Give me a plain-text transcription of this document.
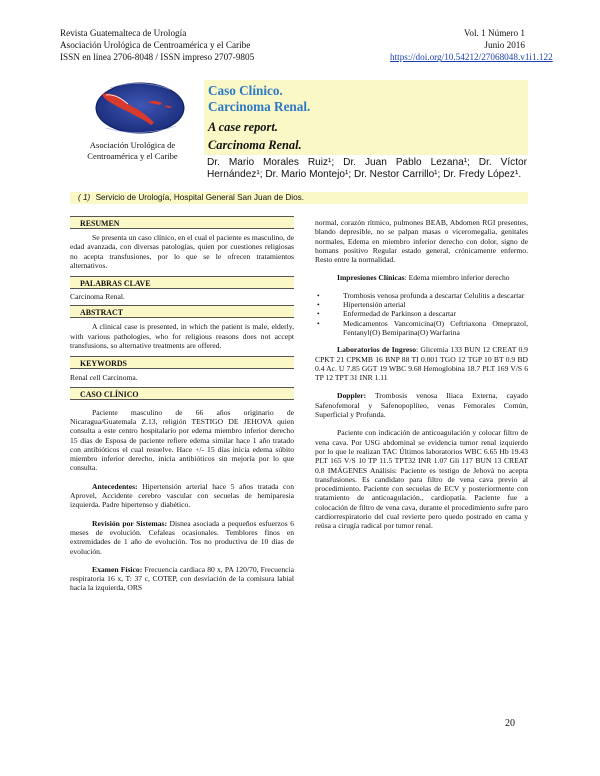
Revista Guatemalteca de Urología
Asociación Urológica de Centroamérica y el Caribe
ISSN en línea 2706-8048 / ISSN impreso 2707-9805
Vol. 1 Número 1
Junio 2016
https://doi.org/10.54212/27068048.v1i1.122
Asociación Urológica de Centroamérica y el Caribe
Caso Clínico.
Carcinoma Renal.
A case report.
Carcinoma Renal.
Dr. Mario Morales Ruiz¹; Dr. Juan Pablo Lezana¹; Dr. Víctor Hernández¹; Dr. Mario Montejo¹; Dr. Nestor Carrillo¹; Dr. Fredy López¹.
( 1) Servicio de Urología, Hospital General San Juan de Dios.
RESUMEN

Se presenta un caso clínico, en el cual el paciente es masculino, de edad avanzada, con diversas patologías, quien por cuestiones religiosas no acepta transfusiones, por lo que se le ofrecen tratamientos alternativos.

PALABRAS CLAVE

Carcinoma Renal.

ABSTRACT

A clinical case is presented, in which the patient is male, elderly, with various pathologies, who for religious reasons does not accept transfusions, so alternative treatments are offered.

KEYWORDS

Renal cell Carcinoma.

CASO CLÍNICO

Paciente masculino de 66 años originario de Nicaragua/Guatemala Z.13, religión TESTIGO DE JEHOVA quien consulta a este centro hospitalario por edema miembro inferior derecho 15 días de Esposa de paciente refiere edema similar hace 1 año tratado con antibióticos el cual resuelve. Hace +/- 15 días inicia edema súbito miembro inferior derecho, inicia antibióticos sin mejoría por lo que consulta.

Antecedentes: Hipertensión arterial hace 5 años tratada con Aprovel, Accidente cerebro vascular con secuelas de hemiparesia izquierda. Padre hipertenso y diabético.

Revisión por Sistemas: Disnea asociada a pequeños esfuerzos 6 meses de evolución. Cefaleas ocasionales. Temblores finos en extremidades de 1 año de evolución. Tos no productiva de 10 días de evolución.

Examen Físico: Frecuencia cardiaca 80 x, PA 120/70, Frecuencia respiratoria 16 x, T: 37 c, COTEP, con desviación de la comisura labial hacia la izquierda, ORS

normal, corazón rítmico, pulmones BEAB, Abdomen RGI presentes, blando depresible, no se palpan masas o viceromegalia, genitales normales, Edema en miembro inferior derecho con dolor, signo de homans positivo Regular estado general, crónicamente enfermo. Resto entre la normalidad.

Impresiones Clínicas: Edema miembro inferior derecho

• Trombosis venosa profunda a descartar Celulitis a descartar
• Hipertensión arterial
• Enfermedad de Parkinson a descartar
• Medicamentos Vancomicina(O) Ceftriaxona Omeprazol, Fentanyl(O) Bemiparina(O) Warfarina

Laboratorios de Ingreso: Glicemia 133 BUN 12 CREAT 0.9 CPKT 21 CPKMB 16 BNP 88 TI 0.001 TGO 12 TGP 10 BT 0.9 BD 0.4 Ac. U 7.85 GGT 19 WBC 9.68 Hemoglobina 18.7 PLT 169 V/S 6 TP 12 TPT 31 INR 1.11

Doppler: Trombosis venosa Iliaca Externa, cayado Safenofemoral y Safenopoplíteo, venas Femorales Común, Superficial y Profunda.

Paciente con indicación de anticoagulación y colocar filtro de vena cava. Por USG abdominal se evidencia tumor renal izquierdo por lo que le realizan TAC Últimos laboratorios WBC 6.65 Hb 19.43 PLT 165 V/S 10 TP 11.5 TPT32 INR 1.07 Gli 117 BUN 13 CREAT 0.8 IMÁGENES Análisis: Paciente es testigo de Jehová no acepta transfusiones. Es candidato para filtro de vena cava previo al procedimiento. Paciente con secuelas de ECV y posteriormente con tratamiento de anticoagulación., cardiopatía. Paciente fue a colocación de filtro de vena cava, durante el procedimiento sufre paro cardiorrespiratorio del cual revierte pero quedo postrado en cama y reúsa a cirugía radical por tumor renal.

20
